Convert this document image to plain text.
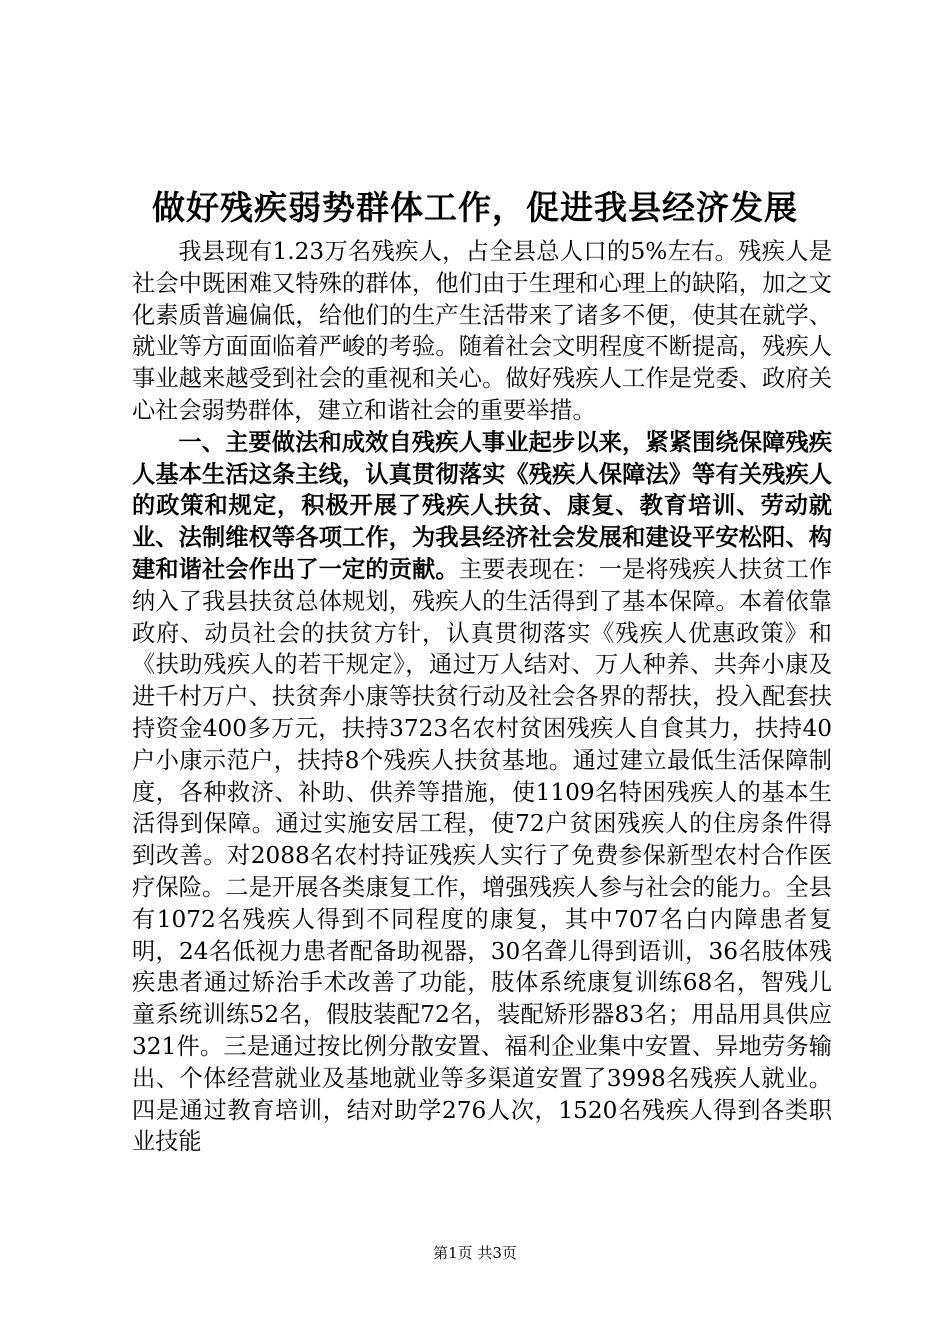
做好残疾弱势群体工作，促进我县经济发展

我县现有1.23万名残疾人，占全县总人口的5%左右。残疾人是社会中既困难又特殊的群体，他们由于生理和心理上的缺陷，加之文化素质普遍偏低，给他们的生产生活带来了诸多不便，使其在就学、就业等方面面临着严峻的考验。随着社会文明程度不断提高，残疾人事业越来越受到社会的重视和关心。做好残疾人工作是党委、政府关心社会弱势群体，建立和谐社会的重要举措。

一、主要做法和成效自残疾人事业起步以来，紧紧围绕保障残疾人基本生活这条主线，认真贯彻落实《残疾人保障法》等有关残疾人的政策和规定，积极开展了残疾人扶贫、康复、教育培训、劳动就业、法制维权等各项工作，为我县经济社会发展和建设平安松阳、构建和谐社会作出了一定的贡献。主要表现在：一是将残疾人扶贫工作纳入了我县扶贫总体规划，残疾人的生活得到了基本保障。本着依靠政府、动员社会的扶贫方针，认真贯彻落实《残疾人优惠政策》和《扶助残疾人的若干规定》，通过万人结对、万人种养、共奔小康及进千村万户、扶贫奔小康等扶贫行动及社会各界的帮扶，投入配套扶持资金400多万元，扶持3723名农村贫困残疾人自食其力，扶持40户小康示范户，扶持8个残疾人扶贫基地。通过建立最低生活保障制度，各种救济、补助、供养等措施，使1109名特困残疾人的基本生活得到保障。通过实施安居工程，使72户贫困残疾人的住房条件得到改善。对2088名农村持证残疾人实行了免费参保新型农村合作医疗保险。二是开展各类康复工作，增强残疾人参与社会的能力。全县有1072名残疾人得到不同程度的康复，其中707名白内障患者复明，24名低视力患者配备助视器，30名聋儿得到语训，36名肢体残疾患者通过矫治手术改善了功能，肢体系统康复训练68名，智残儿童系统训练52名，假肢装配72名，装配矫形器83名；用品用具供应321件。三是通过按比例分散安置、福利企业集中安置、异地劳务输出、个体经营就业及基地就业等多渠道安置了3998名残疾人就业。四是通过教育培训，结对助学276人次，1520名残疾人得到各类职业技能

第1页 共3页
